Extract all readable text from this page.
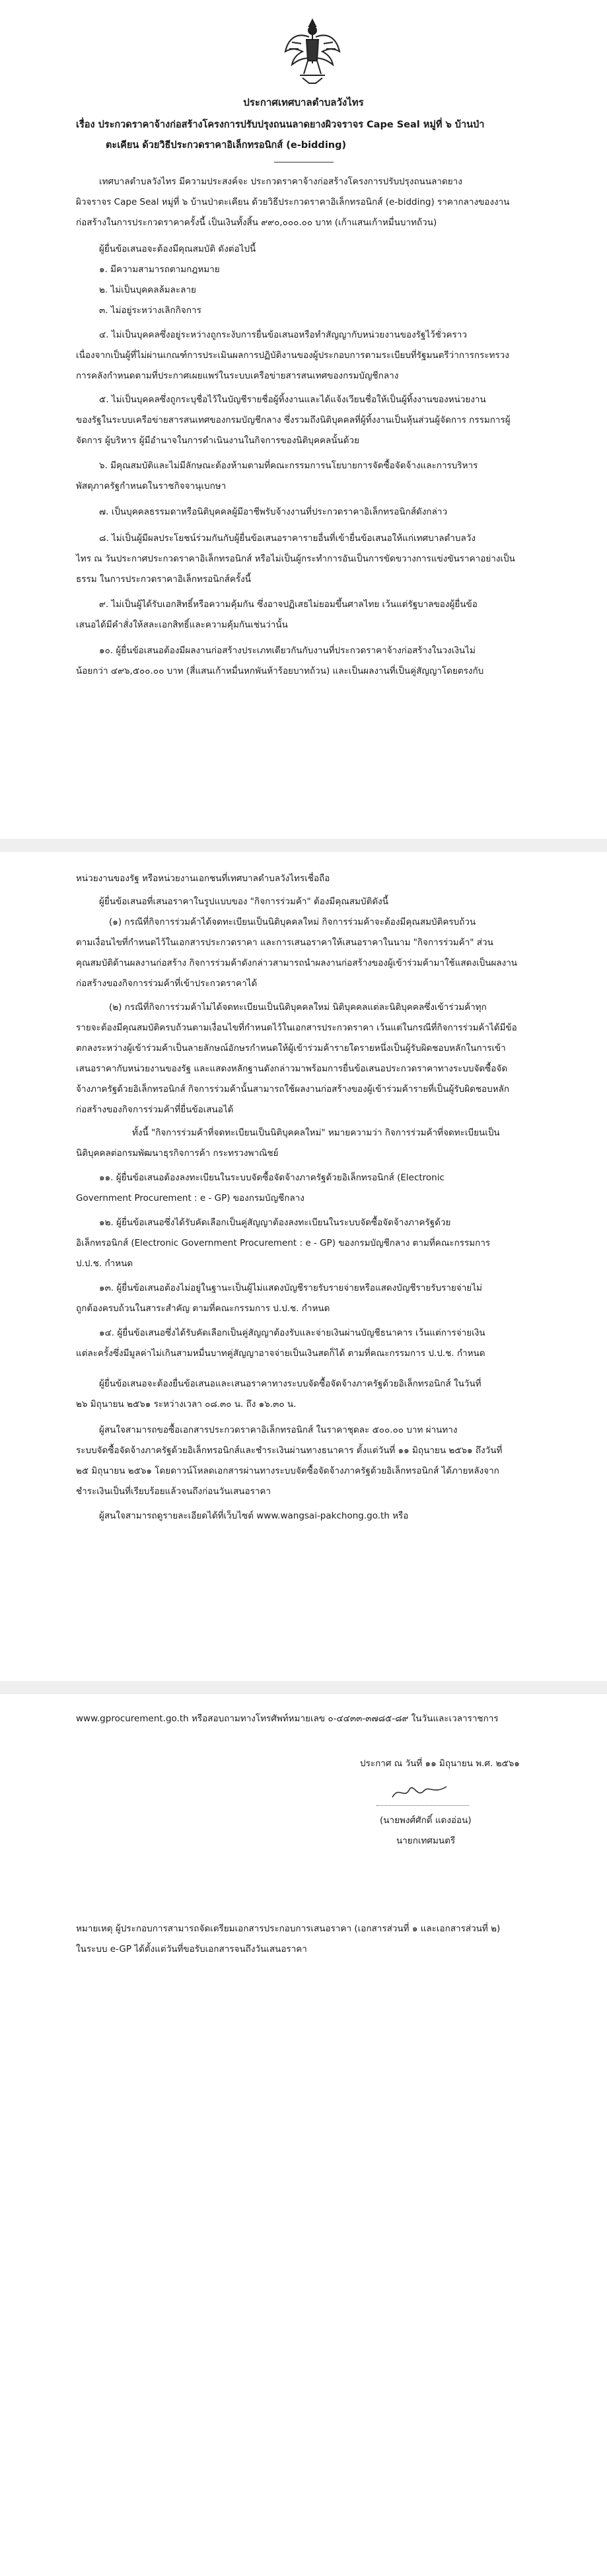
ประกาศเทศบาลตำบลวังไทร
เรื่อง ประกวดราคาจ้างก่อสร้างโครงการปรับปรุงถนนลาดยางผิวจราจร Cape Seal หมู่ที่ ๖ บ้านป่า
ตะเคียน ด้วยวิธีประกวดราคาอิเล็กทรอนิกส์ (e-bidding)
เทศบาลตำบลวังไทร มีความประสงค์จะ ประกวดราคาจ้างก่อสร้างโครงการปรับปรุงถนนลาดยาง
ผิวจราจร Cape Seal หมู่ที่ ๖ บ้านป่าตะเคียน ด้วยวิธีประกวดราคาอิเล็กทรอนิกส์ (e-bidding) ราคากลางของงาน
ก่อสร้างในการประกวดราคาครั้งนี้ เป็นเงินทั้งสิ้น ๙๙๐,๐๐๐.๐๐ บาท (เก้าแสนเก้าหมื่นบาทถ้วน)
ผู้ยื่นข้อเสนอจะต้องมีคุณสมบัติ ดังต่อไปนี้
๑. มีความสามารถตามกฎหมาย
๒. ไม่เป็นบุคคลล้มละลาย
๓. ไม่อยู่ระหว่างเลิกกิจการ
๔. ไม่เป็นบุคคลซึ่งอยู่ระหว่างถูกระงับการยื่นข้อเสนอหรือทำสัญญากับหน่วยงานของรัฐไว้ชั่วคราว
เนื่องจากเป็นผู้ที่ไม่ผ่านเกณฑ์การประเมินผลการปฏิบัติงานของผู้ประกอบการตามระเบียบที่รัฐมนตรีว่าการกระทรวง
การคลังกำหนดตามที่ประกาศเผยแพร่ในระบบเครือข่ายสารสนเทศของกรมบัญชีกลาง
๕. ไม่เป็นบุคคลซึ่งถูกระบุชื่อไว้ในบัญชีรายชื่อผู้ทิ้งงานและได้แจ้งเวียนชื่อให้เป็นผู้ทิ้งงานของหน่วยงาน
ของรัฐในระบบเครือข่ายสารสนเทศของกรมบัญชีกลาง ซึ่งรวมถึงนิติบุคคลที่ผู้ทิ้งงานเป็นหุ้นส่วนผู้จัดการ กรรมการผู้
จัดการ ผู้บริหาร ผู้มีอำนาจในการดำเนินงานในกิจการของนิติบุคคลนั้นด้วย
๖. มีคุณสมบัติและไม่มีลักษณะต้องห้ามตามที่คณะกรรมการนโยบายการจัดซื้อจัดจ้างและการบริหาร
พัสดุภาครัฐกำหนดในราชกิจจานุเบกษา
๗. เป็นบุคคลธรรมดาหรือนิติบุคคลผู้มีอาชีพรับจ้างงานที่ประกวดราคาอิเล็กทรอนิกส์ดังกล่าว
๘. ไม่เป็นผู้มีผลประโยชน์ร่วมกันกับผู้ยื่นข้อเสนอราคารายอื่นที่เข้ายื่นข้อเสนอให้แก่เทศบาลตำบลวัง
ไทร ณ วันประกาศประกวดราคาอิเล็กทรอนิกส์ หรือไม่เป็นผู้กระทำการอันเป็นการขัดขวางการแข่งขันราคาอย่างเป็น
ธรรม ในการประกวดราคาอิเล็กทรอนิกส์ครั้งนี้
๙. ไม่เป็นผู้ได้รับเอกสิทธิ์หรือความคุ้มกัน ซึ่งอาจปฏิเสธไม่ยอมขึ้นศาลไทย เว้นแต่รัฐบาลของผู้ยื่นข้อ
เสนอได้มีคำสั่งให้สละเอกสิทธิ์และความคุ้มกันเช่นว่านั้น
๑๐. ผู้ยื่นข้อเสนอต้องมีผลงานก่อสร้างประเภทเดียวกันกับงานที่ประกวดราคาจ้างก่อสร้างในวงเงินไม่
น้อยกว่า ๔๙๖,๕๐๐.๐๐ บาท (สี่แสนเก้าหมื่นหกพันห้าร้อยบาทถ้วน) และเป็นผลงานที่เป็นคู่สัญญาโดยตรงกับ
หน่วยงานของรัฐ หรือหน่วยงานเอกชนที่เทศบาลตำบลวังไทรเชื่อถือ
ผู้ยื่นข้อเสนอที่เสนอราคาในรูปแบบของ "กิจการร่วมค้า" ต้องมีคุณสมบัติดังนี้
(๑) กรณีที่กิจการร่วมค้าได้จดทะเบียนเป็นนิติบุคคลใหม่ กิจการร่วมค้าจะต้องมีคุณสมบัติครบถ้วน
ตามเงื่อนไขที่กำหนดไว้ในเอกสารประกวดราคา และการเสนอราคาให้เสนอราคาในนาม "กิจการร่วมค้า" ส่วน
คุณสมบัติด้านผลงานก่อสร้าง กิจการร่วมค้าดังกล่าวสามารถนำผลงานก่อสร้างของผู้เข้าร่วมค้ามาใช้แสดงเป็นผลงาน
ก่อสร้างของกิจการร่วมค้าที่เข้าประกวดราคาได้
(๒) กรณีที่กิจการร่วมค้าไม่ได้จดทะเบียนเป็นนิติบุคคลใหม่ นิติบุคคลแต่ละนิติบุคคลซึ่งเข้าร่วมค้าทุก
รายจะต้องมีคุณสมบัติครบถ้วนตามเงื่อนไขที่กำหนดไว้ในเอกสารประกวดราคา เว้นแต่ในกรณีที่กิจการร่วมค้าได้มีข้อ
ตกลงระหว่างผู้เข้าร่วมค้าเป็นลายลักษณ์อักษรกำหนดให้ผู้เข้าร่วมค้ารายใดรายหนึ่งเป็นผู้รับผิดชอบหลักในการเข้า
เสนอราคากับหน่วยงานของรัฐ และแสดงหลักฐานดังกล่าวมาพร้อมการยื่นข้อเสนอประกวดราคาทางระบบจัดซื้อจัด
จ้างภาครัฐด้วยอิเล็กทรอนิกส์ กิจการร่วมค้านั้นสามารถใช้ผลงานก่อสร้างของผู้เข้าร่วมค้ารายที่เป็นผู้รับผิดชอบหลัก
ก่อสร้างของกิจการร่วมค้าที่ยื่นข้อเสนอได้
ทั้งนี้ "กิจการร่วมค้าที่จดทะเบียนเป็นนิติบุคคลใหม่" หมายความว่า กิจการร่วมค้าที่จดทะเบียนเป็น
นิติบุคคลต่อกรมพัฒนาธุรกิจการค้า กระทรวงพาณิชย์
๑๑. ผู้ยื่นข้อเสนอต้องลงทะเบียนในระบบจัดซื้อจัดจ้างภาครัฐด้วยอิเล็กทรอนิกส์ (Electronic
Government Procurement : e - GP) ของกรมบัญชีกลาง
๑๒. ผู้ยื่นข้อเสนอซึ่งได้รับคัดเลือกเป็นคู่สัญญาต้องลงทะเบียนในระบบจัดซื้อจัดจ้างภาครัฐด้วย
อิเล็กทรอนิกส์ (Electronic Government Procurement : e - GP) ของกรมบัญชีกลาง ตามที่คณะกรรมการ
ป.ป.ช. กำหนด
๑๓. ผู้ยื่นข้อเสนอต้องไม่อยู่ในฐานะเป็นผู้ไม่แสดงบัญชีรายรับรายจ่ายหรือแสดงบัญชีรายรับรายจ่ายไม่
ถูกต้องครบถ้วนในสาระสำคัญ ตามที่คณะกรรมการ ป.ป.ช. กำหนด
๑๔. ผู้ยื่นข้อเสนอซึ่งได้รับคัดเลือกเป็นคู่สัญญาต้องรับและจ่ายเงินผ่านบัญชีธนาคาร เว้นแต่การจ่ายเงิน
แต่ละครั้งซึ่งมีมูลค่าไม่เกินสามหมื่นบาทคู่สัญญาอาจจ่ายเป็นเงินสดก็ได้ ตามที่คณะกรรมการ ป.ป.ช. กำหนด
ผู้ยื่นข้อเสนอจะต้องยื่นข้อเสนอและเสนอราคาทางระบบจัดซื้อจัดจ้างภาครัฐด้วยอิเล็กทรอนิกส์ ในวันที่
๒๖ มิถุนายน ๒๕๖๑ ระหว่างเวลา ๐๘.๓๐ น. ถึง ๑๖.๓๐ น.
ผู้สนใจสามารถขอซื้อเอกสารประกวดราคาอิเล็กทรอนิกส์ ในราคาชุดละ ๕๐๐.๐๐ บาท ผ่านทาง
ระบบจัดซื้อจัดจ้างภาครัฐด้วยอิเล็กทรอนิกส์และชำระเงินผ่านทางธนาคาร ตั้งแต่วันที่ ๑๑ มิถุนายน ๒๕๖๑ ถึงวันที่
๒๕ มิถุนายน ๒๕๖๑ โดยดาวน์โหลดเอกสารผ่านทางระบบจัดซื้อจัดจ้างภาครัฐด้วยอิเล็กทรอนิกส์ ได้ภายหลังจาก
ชำระเงินเป็นที่เรียบร้อยแล้วจนถึงก่อนวันเสนอราคา
ผู้สนใจสามารถดูรายละเอียดได้ที่เว็บไซต์ www.wangsai-pakchong.go.th หรือ
www.gprocurement.go.th หรือสอบถามทางโทรศัพท์หมายเลข ๐-๔๔๓๓-๓๗๘๕-๘๙ ในวันและเวลาราชการ
ประกาศ ณ วันที่ ๑๑ มิถุนายน พ.ศ. ๒๕๖๑
(นายพงศ์ศักดิ์ แดงอ่อน)
นายกเทศมนตรี
หมายเหตุ ผู้ประกอบการสามารถจัดเตรียมเอกสารประกอบการเสนอราคา (เอกสารส่วนที่ ๑ และเอกสารส่วนที่ ๒)
ในระบบ e-GP ได้ตั้งแต่วันที่ขอรับเอกสารจนถึงวันเสนอราคา
